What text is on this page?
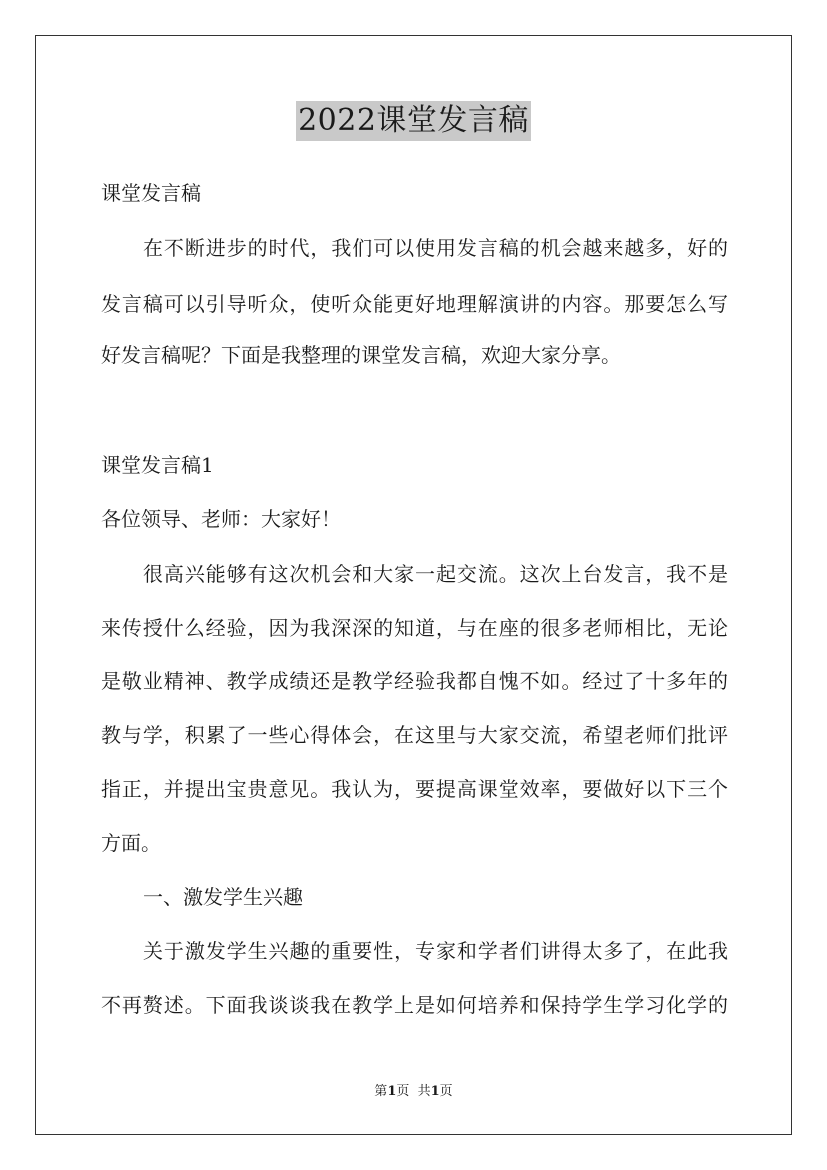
2022课堂发言稿
课堂发言稿
在不断进步的时代，我们可以使用发言稿的机会越来越多，好的
发言稿可以引导听众，使听众能更好地理解演讲的内容。那要怎么写
好发言稿呢？下面是我整理的课堂发言稿，欢迎大家分享。
课堂发言稿1
各位领导、老师：大家好！
很高兴能够有这次机会和大家一起交流。这次上台发言，我不是
来传授什么经验，因为我深深的知道，与在座的很多老师相比，无论
是敬业精神、教学成绩还是教学经验我都自愧不如。经过了十多年的
教与学，积累了一些心得体会，在这里与大家交流，希望老师们批评
指正，并提出宝贵意见。我认为，要提高课堂效率，要做好以下三个
方面。
一、激发学生兴趣
关于激发学生兴趣的重要性，专家和学者们讲得太多了，在此我
不再赘述。下面我谈谈我在教学上是如何培养和保持学生学习化学的
第1页  共1页
